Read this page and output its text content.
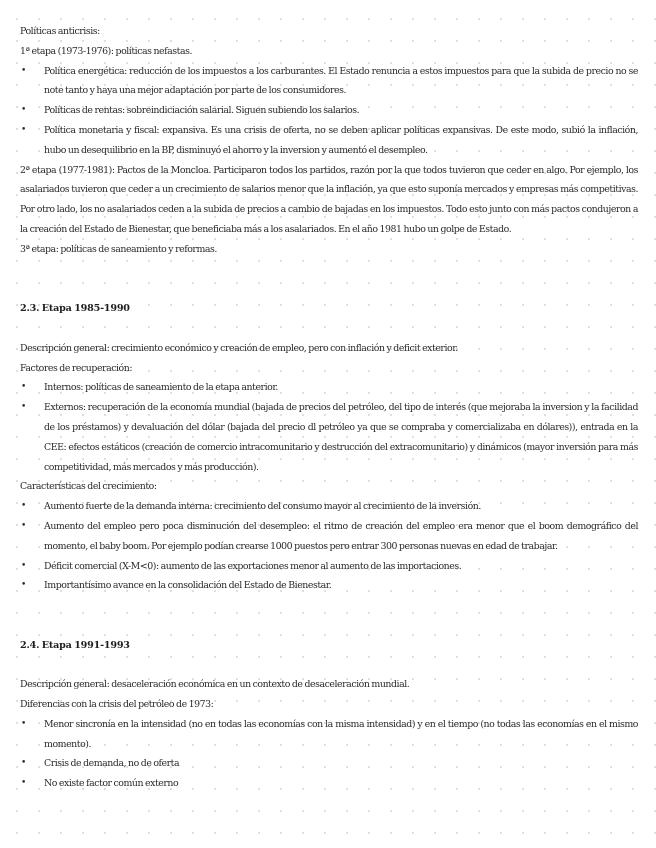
Políticas anticrisis:

1ª etapa (1973-1976): políticas nefastas.

• Política energética: reducción de los impuestos a los carburantes. El Estado renuncia a estos impuestos para que la subida de precio no se note tanto y haya una mejor adaptación por parte de los consumidores.
• Políticas de rentas: sobreindiciación salarial. Siguen subiendo los salarios.
• Política monetaria y fiscal: expansiva. Es una crisis de oferta, no se deben aplicar políticas expansivas. De este modo, subió la inflación, hubo un desequilibrio en la BP, disminuyó el ahorro y la inversion y aumentó el desempleo.

2ª etapa (1977-1981): Pactos de la Moncloa. Participaron todos los partidos, razón por la que todos tuvieron que ceder en algo. Por ejemplo, los asalariados tuvieron que ceder a un crecimiento de salarios menor que la inflación, ya que esto suponía mercados y empresas más competitivas. Por otro lado, los no asalariados ceden a la subida de precios a cambio de bajadas en los impuestos. Todo esto junto con más pactos condujeron a la creación del Estado de Bienestar, que beneficiaba más a los asalariados. En el año 1981 hubo un golpe de Estado.

3ª etapa: políticas de saneamiento y reformas.

2.3. Etapa 1985-1990

Descripción general: crecimiento económico y creación de empleo, pero con inflación y deficit exterior.

Factores de recuperación:

• Internos: políticas de saneamiento de la etapa anterior.
• Externos: recuperación de la economía mundial (bajada de precios del petróleo, del tipo de interés (que mejoraba la inversion y la facilidad de los préstamos) y devaluación del dólar (bajada del precio dl petróleo ya que se compraba y comercializaba en dólares)), entrada en la CEE: efectos estáticos (creación de comercio intracomunitario y destrucción del extracomunitario) y dinámicos (mayor inversión para más competitividad, más mercados y más producción).

Características del crecimiento:

• Aumento fuerte de la demanda interna: crecimiento del consumo mayor al crecimiento de la inversión.
• Aumento del empleo pero poca disminución del desempleo: el ritmo de creación del empleo era menor que el boom demográfico del momento, el baby boom. Por ejemplo podían crearse 1000 puestos pero entrar 300 personas nuevas en edad de trabajar.
• Déficit comercial (X-M<0): aumento de las exportaciones menor al aumento de las importaciones.
• Importantísimo avance en la consolidación del Estado de Bienestar.

2.4. Etapa 1991-1993

Descripción general: desaceleración económica en un contexto de desaceleración mundial.

Diferencias con la crisis del petróleo de 1973:

• Menor sincronía en la intensidad (no en todas las economías con la misma intensidad) y en el tiempo (no todas las economías en el mismo momento).
• Crisis de demanda, no de oferta
• No existe factor común externo
